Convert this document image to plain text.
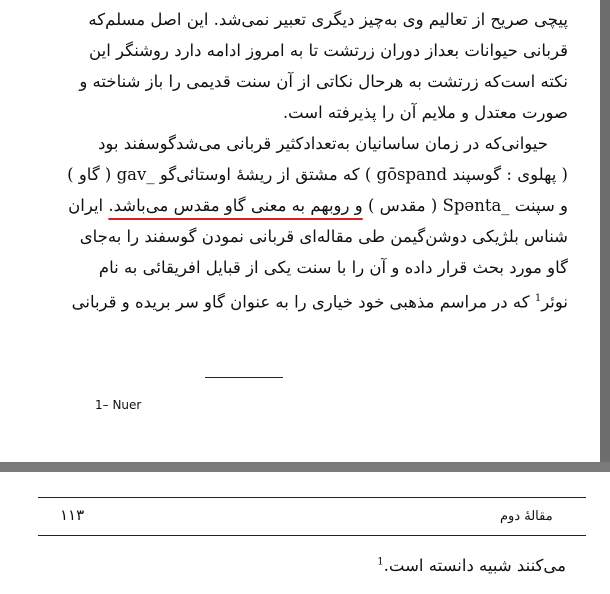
پیچی صریح از تعالیم وی به‌چیز دیگری تعبیر نمی‌شد. این اصل مسلم‌که
قربانی حیوانات بعداز دوران زرتشت تا به امروز ادامه دارد روشنگر این
نکته است‌که زرتشت به هرحال نکاتی از آن سنت قدیمی را باز شناخته و
صورت معتدل و ملایم آن را پذیرفته است.
حیوانی‌که در زمان ساسانیان به‌تعدادکثیر قربانی می‌شدگوسفند بود
( پهلوی : گوسپند gōspand ) که مشتق از ریشهٔ اوستائی‌گو _gav ( گاو )
و سپنت _Spənta ( مقدس ) و روبهم به معنی گاو مقدس می‌باشد. ایران
شناس بلژیکی دوشن‌گیمن طی مقاله‌ای قربانی نمودن گوسفند را به‌جای
گاو مورد بحث قرار داده و آن را با سنت یکی از قبایل افریقائی به نام
نوئر$^1$ که در مراسم مذهبی خود خیاری را به عنوان گاو سر بریده و قربانی
1– Nuer
مقالهٔ دوم
۱۱۳
می‌کنند شبیه دانسته است.$^1$
